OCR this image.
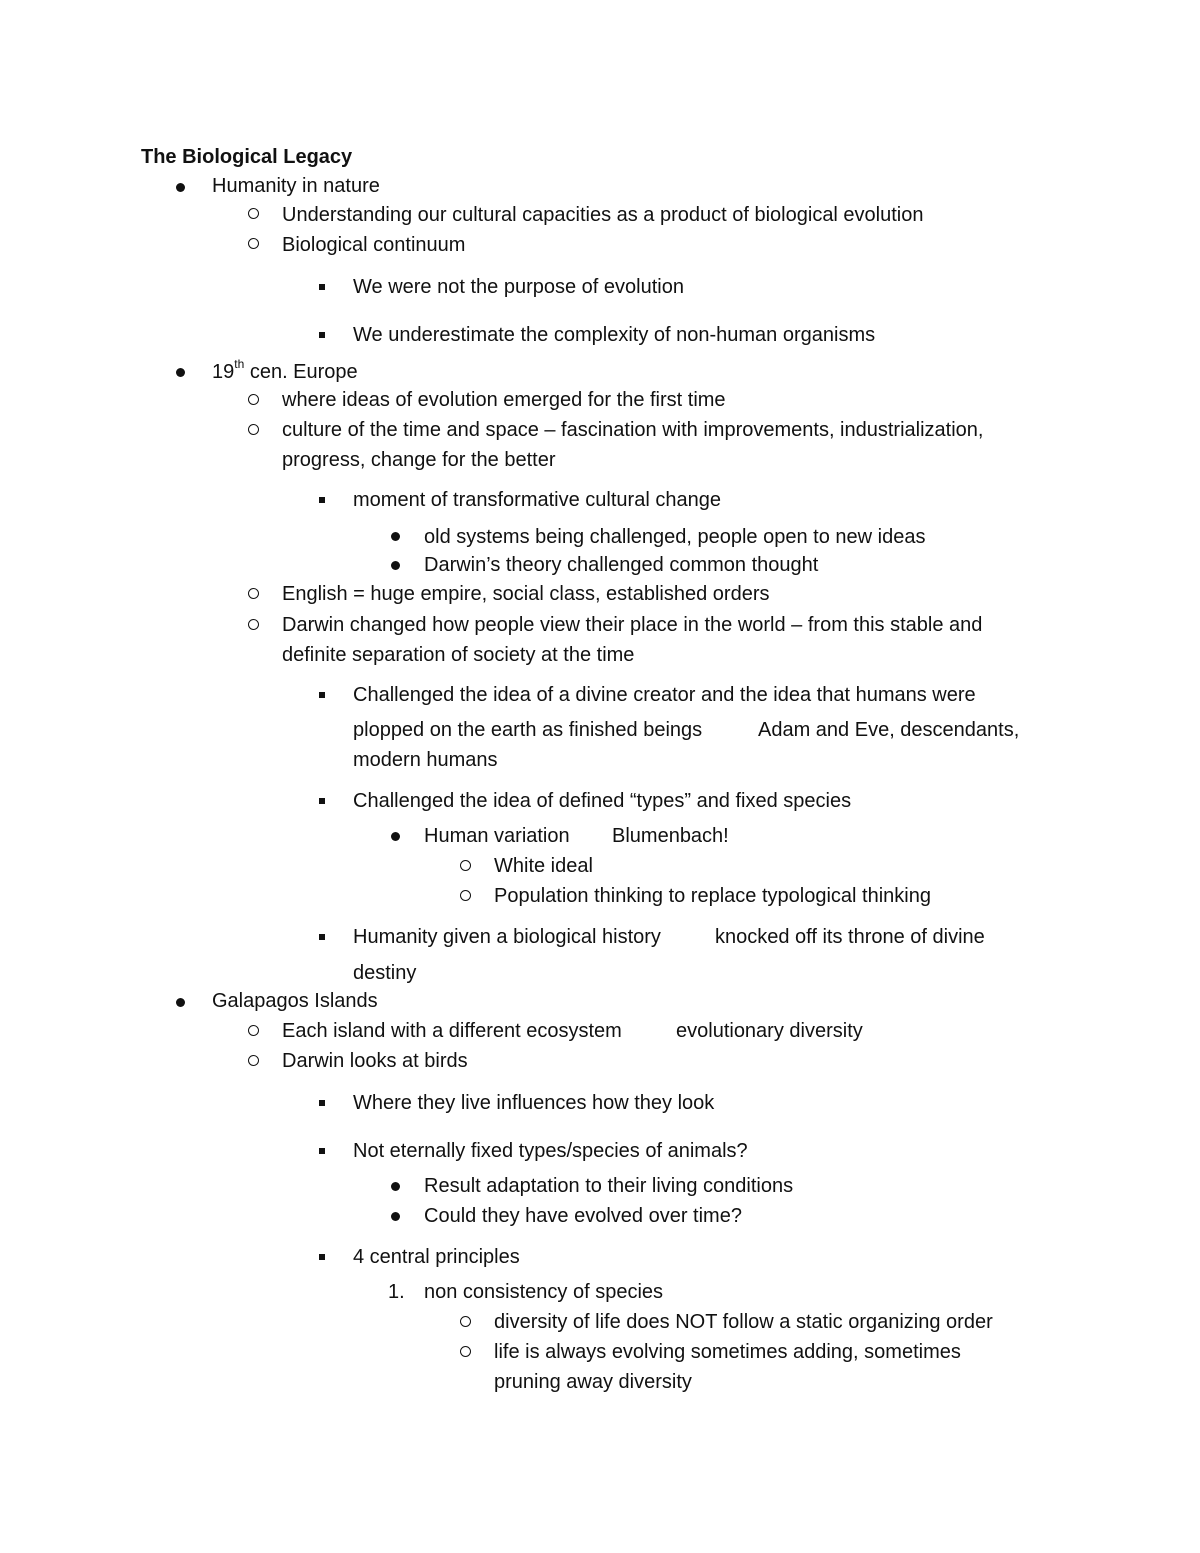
The Biological Legacy
Humanity in nature
Understanding our cultural capacities as a product of biological evolution
Biological continuum
We were not the purpose of evolution
We underestimate the complexity of non-human organisms
19th cen. Europe
where ideas of evolution emerged for the first time
culture of the time and space – fascination with improvements, industrialization,
progress, change for the better
moment of transformative cultural change
old systems being challenged, people open to new ideas
Darwin’s theory challenged common thought
English = huge empire, social class, established orders
Darwin changed how people view their place in the world – from this stable and
definite separation of society at the time
Challenged the idea of a divine creator and the idea that humans were
plopped on the earth as finished beings	Adam and Eve, descendants,
modern humans
Challenged the idea of defined “types” and fixed species
Human variation Blumenbach!
White ideal
Population thinking to replace typological thinking
Humanity given a biological history	knocked off its throne of divine
destiny
Galapagos Islands
Each island with a different ecosystem	evolutionary diversity
Darwin looks at birds
Where they live influences how they look
Not eternally fixed types/species of animals?
Result adaptation to their living conditions
Could they have evolved over time?
4 central principles
1. non consistency of species
diversity of life does NOT follow a static organizing order
life is always evolving sometimes adding, sometimes
pruning away diversity
